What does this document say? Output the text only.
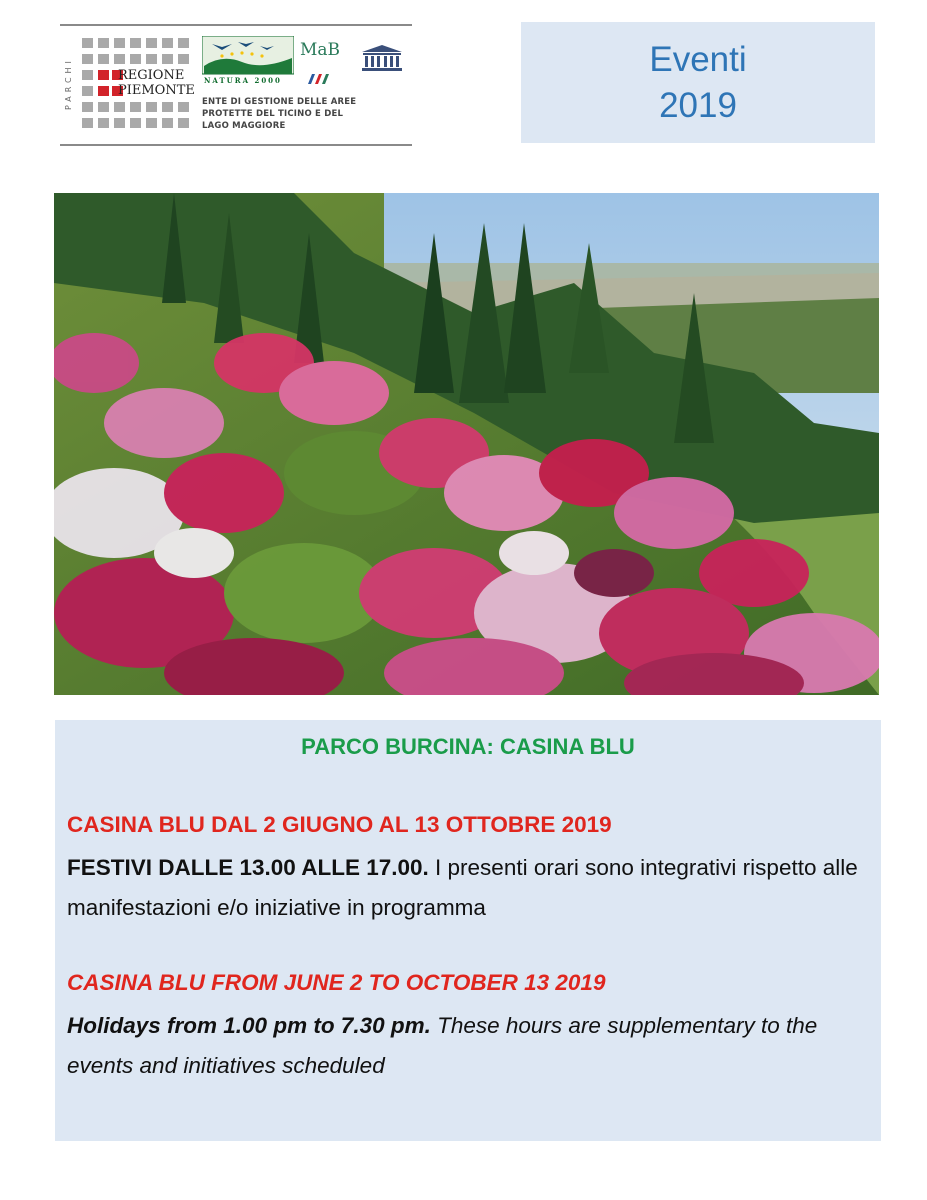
PARCHI	REGIONE
PIEMONTE
NATURA 2000
MaB
ENTE DI GESTIONE DELLE AREE
PROTETTE DEL TICINO E DEL
LAGO MAGGIORE
Eventi
2019
PARCO BURCINA: CASINA BLU
CASINA BLU DAL 2 GIUGNO AL 13 OTTOBRE 2019
FESTIVI DALLE 13.00 ALLE 17.00. I presenti orari sono integrativi rispetto alle manifestazioni e/o iniziative in programma
CASINA BLU FROM JUNE 2 TO OCTOBER 13 2019
Holidays from 1.00 pm to 7.30 pm. These hours are supplementary to the events and initiatives scheduled
